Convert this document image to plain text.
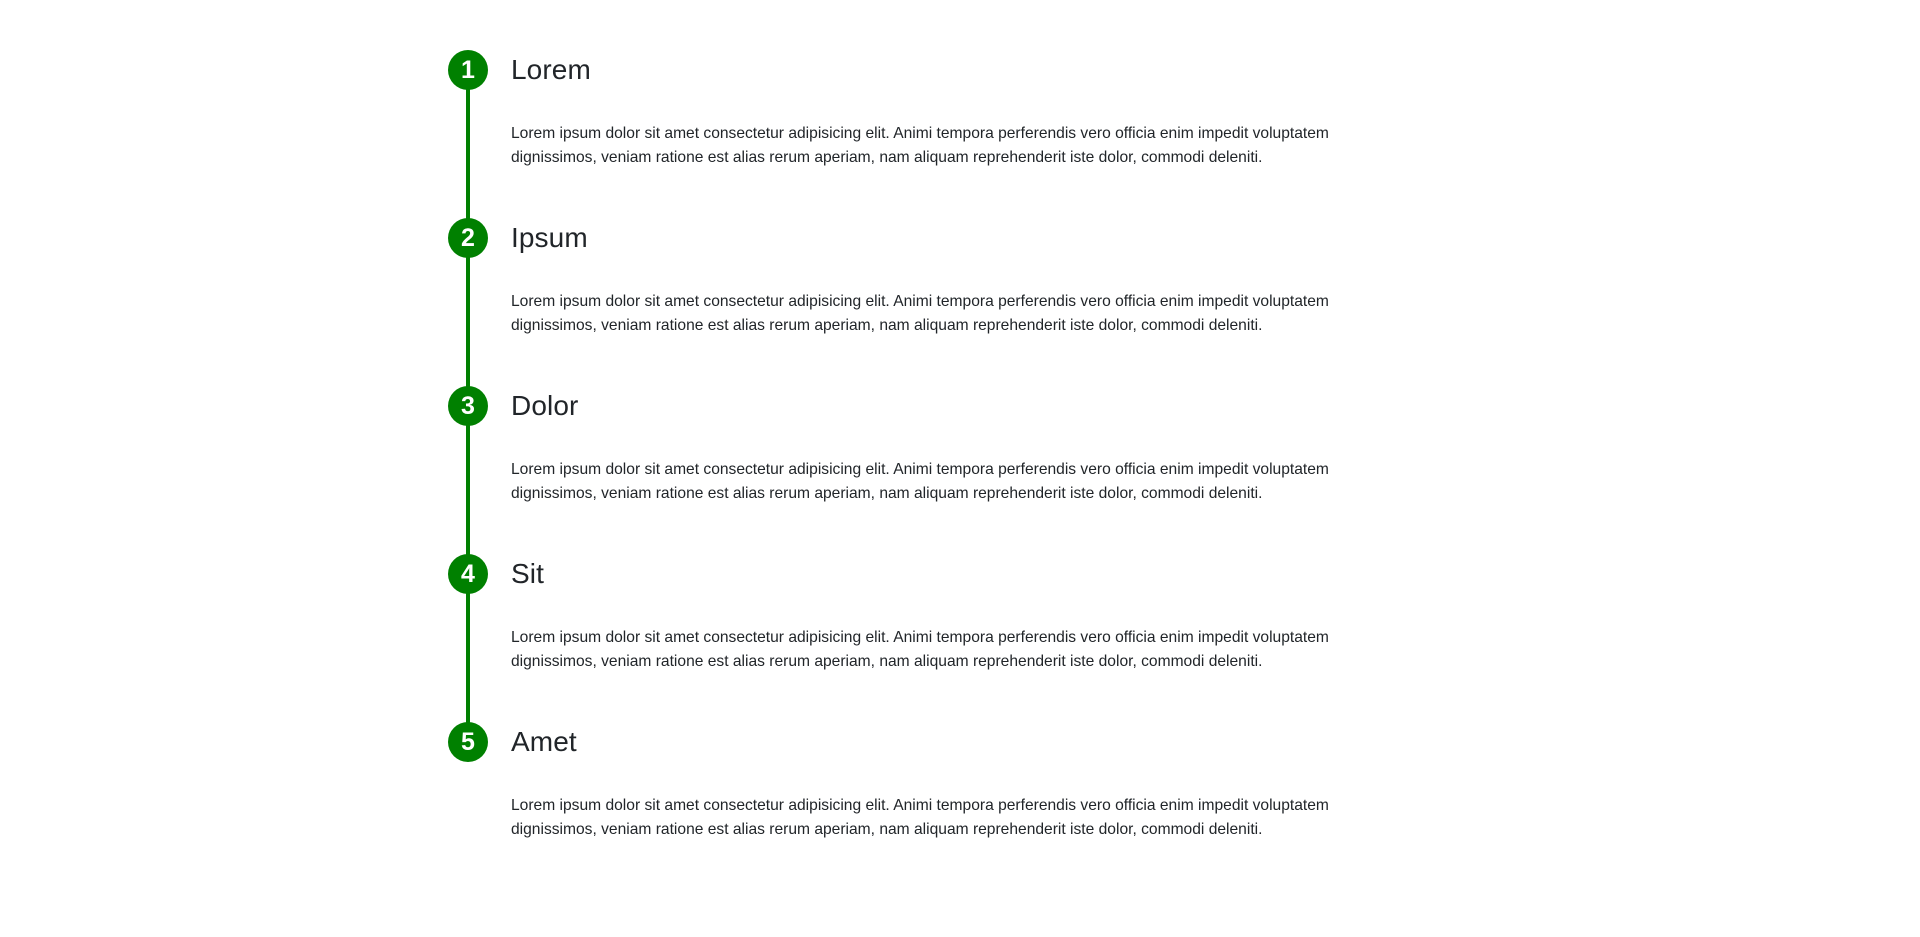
1	Lorem

Lorem ipsum dolor sit amet consectetur adipisicing elit. Animi tempora perferendis vero officia enim impedit voluptatem dignissimos, veniam ratione est alias rerum aperiam, nam aliquam reprehenderit iste dolor, commodi deleniti.

2	Ipsum

Lorem ipsum dolor sit amet consectetur adipisicing elit. Animi tempora perferendis vero officia enim impedit voluptatem dignissimos, veniam ratione est alias rerum aperiam, nam aliquam reprehenderit iste dolor, commodi deleniti.

3	Dolor

Lorem ipsum dolor sit amet consectetur adipisicing elit. Animi tempora perferendis vero officia enim impedit voluptatem dignissimos, veniam ratione est alias rerum aperiam, nam aliquam reprehenderit iste dolor, commodi deleniti.

4	Sit

Lorem ipsum dolor sit amet consectetur adipisicing elit. Animi tempora perferendis vero officia enim impedit voluptatem dignissimos, veniam ratione est alias rerum aperiam, nam aliquam reprehenderit iste dolor, commodi deleniti.

5	Amet

Lorem ipsum dolor sit amet consectetur adipisicing elit. Animi tempora perferendis vero officia enim impedit voluptatem dignissimos, veniam ratione est alias rerum aperiam, nam aliquam reprehenderit iste dolor, commodi deleniti.
